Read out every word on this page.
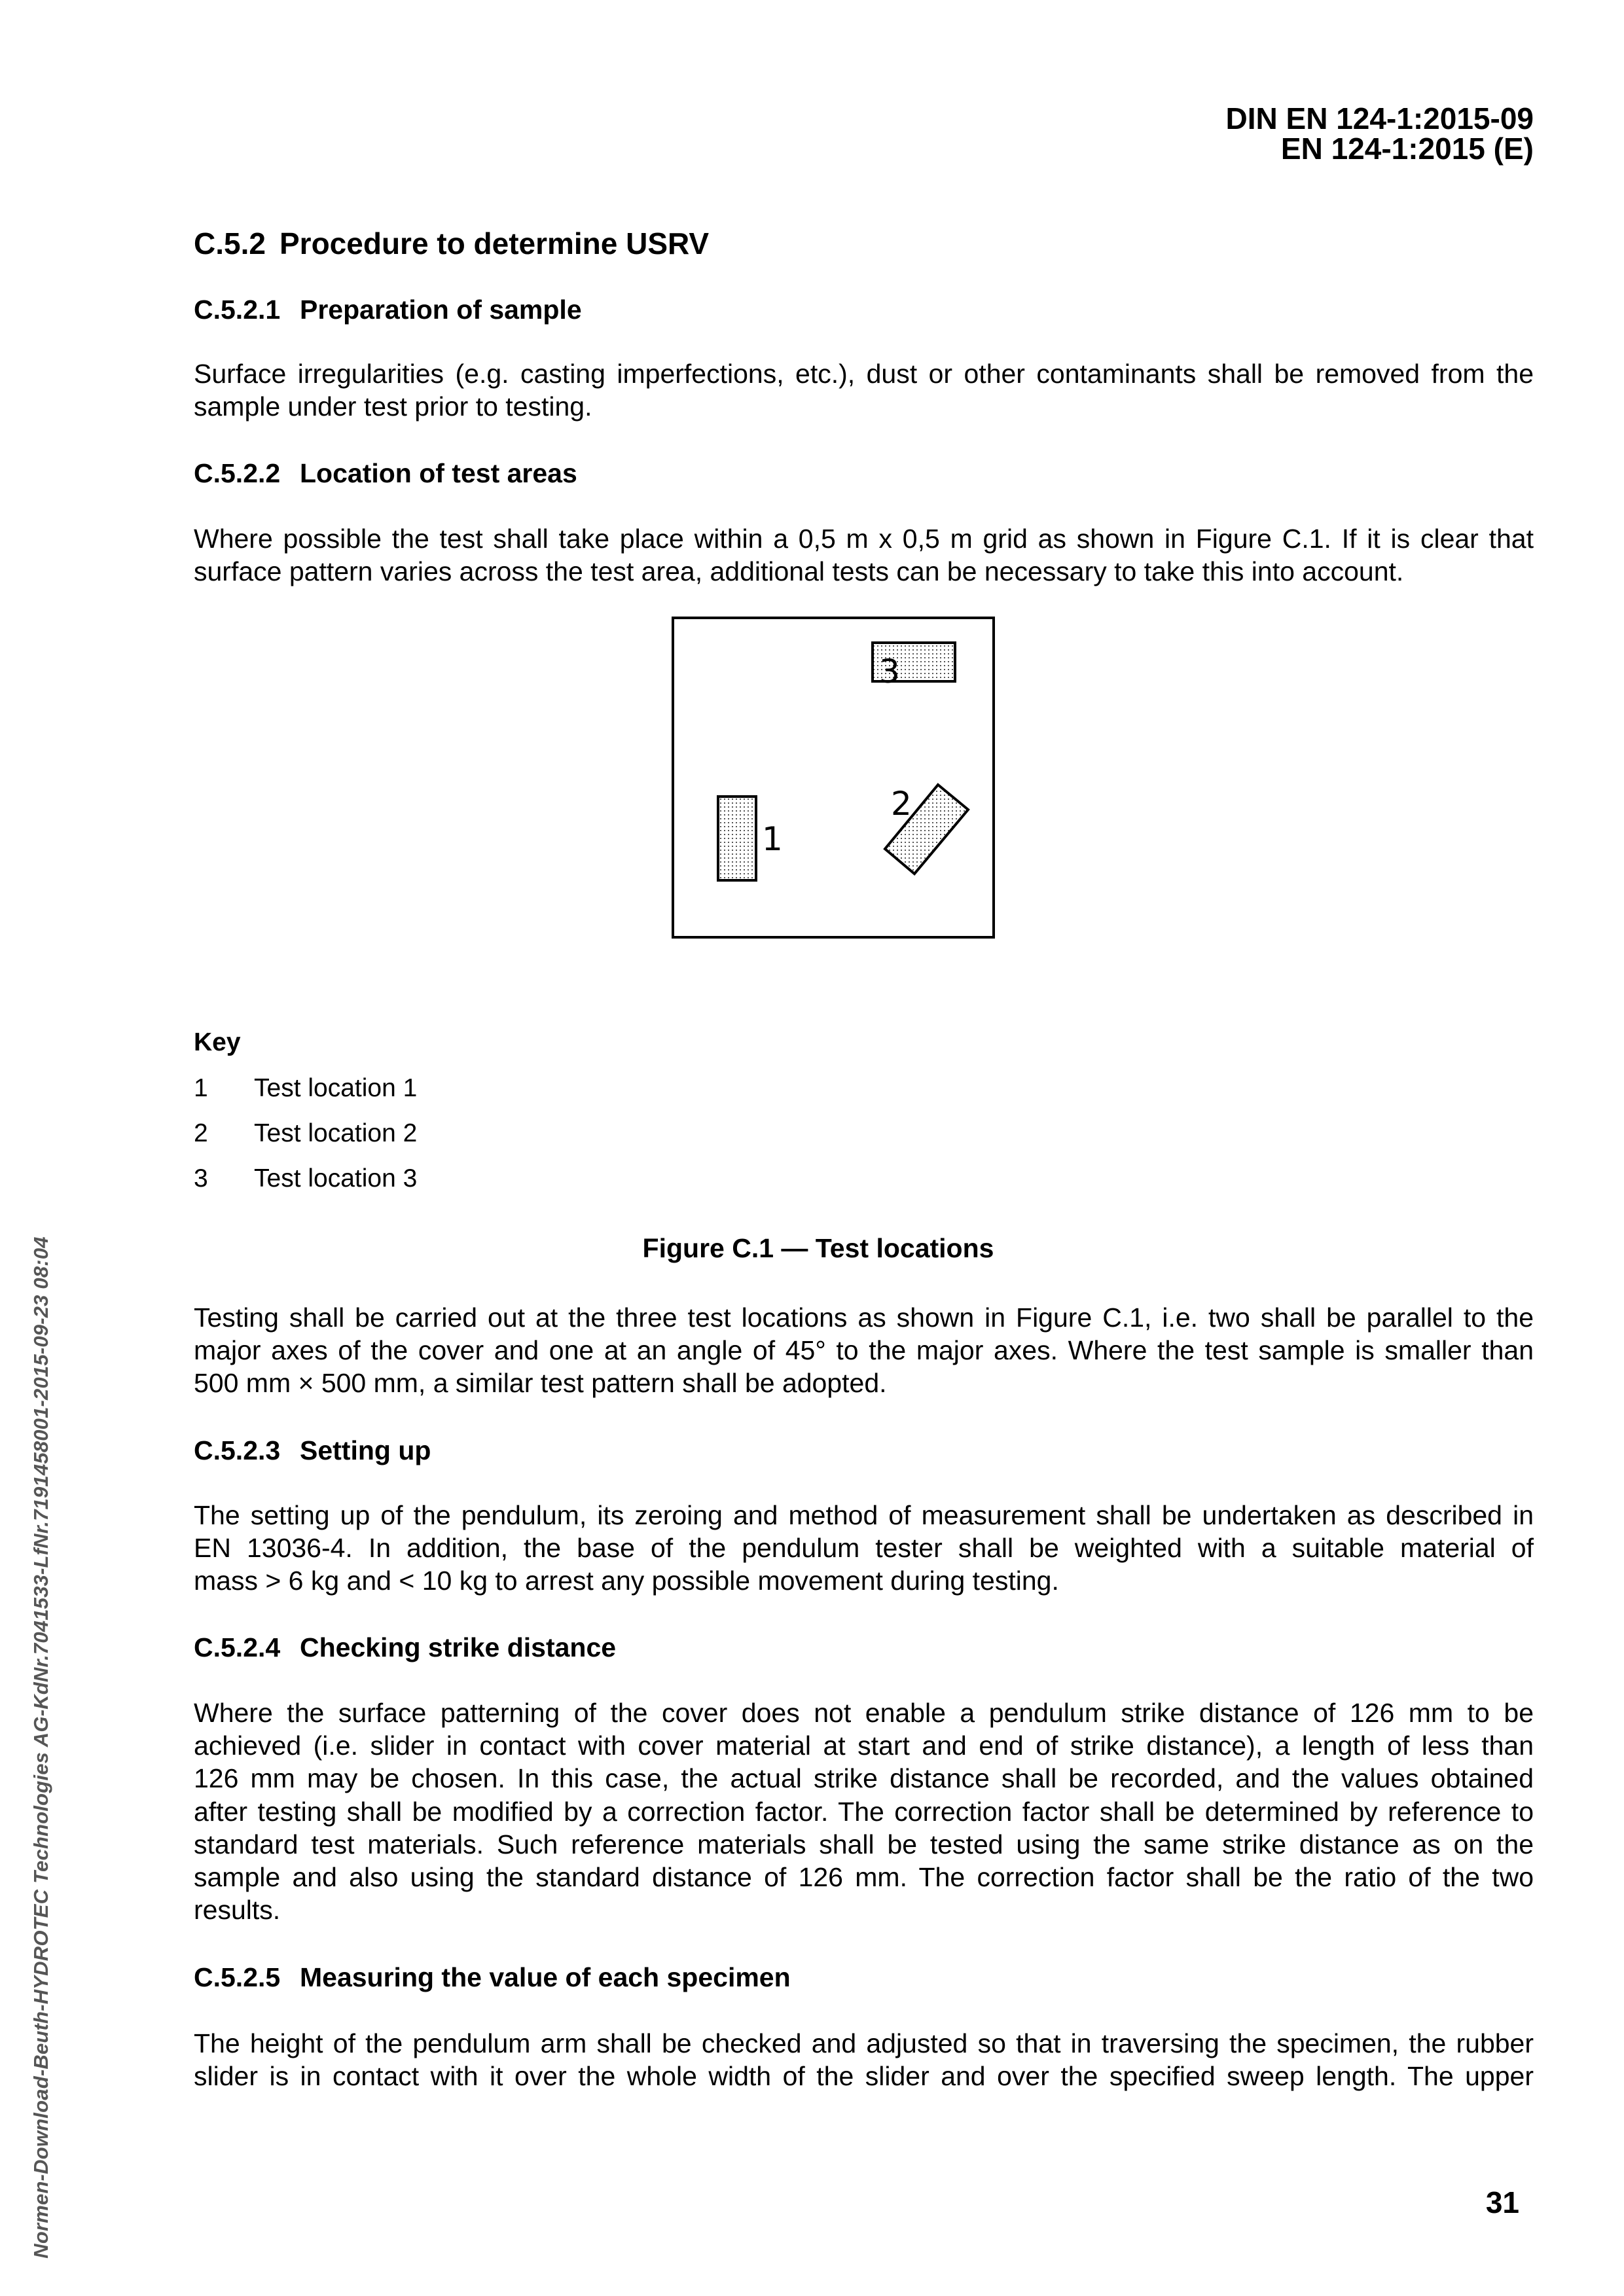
DIN EN 124-1:2015-09
EN 124-1:2015 (E)
C.5.2 Procedure to determine USRV
C.5.2.1 Preparation of sample
Surface irregularities (e.g. casting imperfections, etc.), dust or other contaminants shall be removed from the
sample under test prior to testing.
C.5.2.2 Location of test areas
Where possible the test shall take place within a 0,5 m x 0,5 m grid as shown in Figure C.1. If it is clear that
surface pattern varies across the test area, additional tests can be necessary to take this into account.
3
1
2
Key
1 Test location 1
2 Test location 2
3 Test location 3
Figure C.1 — Test locations
Testing shall be carried out at the three test locations as shown in Figure C.1, i.e. two shall be parallel to the
major axes of the cover and one at an angle of 45° to the major axes. Where the test sample is smaller than
500 mm × 500 mm, a similar test pattern shall be adopted.
C.5.2.3 Setting up
The setting up of the pendulum, its zeroing and method of measurement shall be undertaken as described in
EN 13036-4. In addition, the base of the pendulum tester shall be weighted with a suitable material of
mass > 6 kg and < 10 kg to arrest any possible movement during testing.
C.5.2.4 Checking strike distance
Where the surface patterning of the cover does not enable a pendulum strike distance of 126 mm to be
achieved (i.e. slider in contact with cover material at start and end of strike distance), a length of less than
126 mm may be chosen. In this case, the actual strike distance shall be recorded, and the values obtained
after testing shall be modified by a correction factor. The correction factor shall be determined by reference to
standard test materials. Such reference materials shall be tested using the same strike distance as on the
sample and also using the standard distance of 126 mm. The correction factor shall be the ratio of the two
results.
C.5.2.5 Measuring the value of each specimen
The height of the pendulum arm shall be checked and adjusted so that in traversing the specimen, the rubber
slider is in contact with it over the whole width of the slider and over the specified sweep length. The upper
31
Normen-Download-Beuth-HYDROTEC Technologies AG-KdNr.7041533-LfNr.7191458001-2015-09-23 08:04
